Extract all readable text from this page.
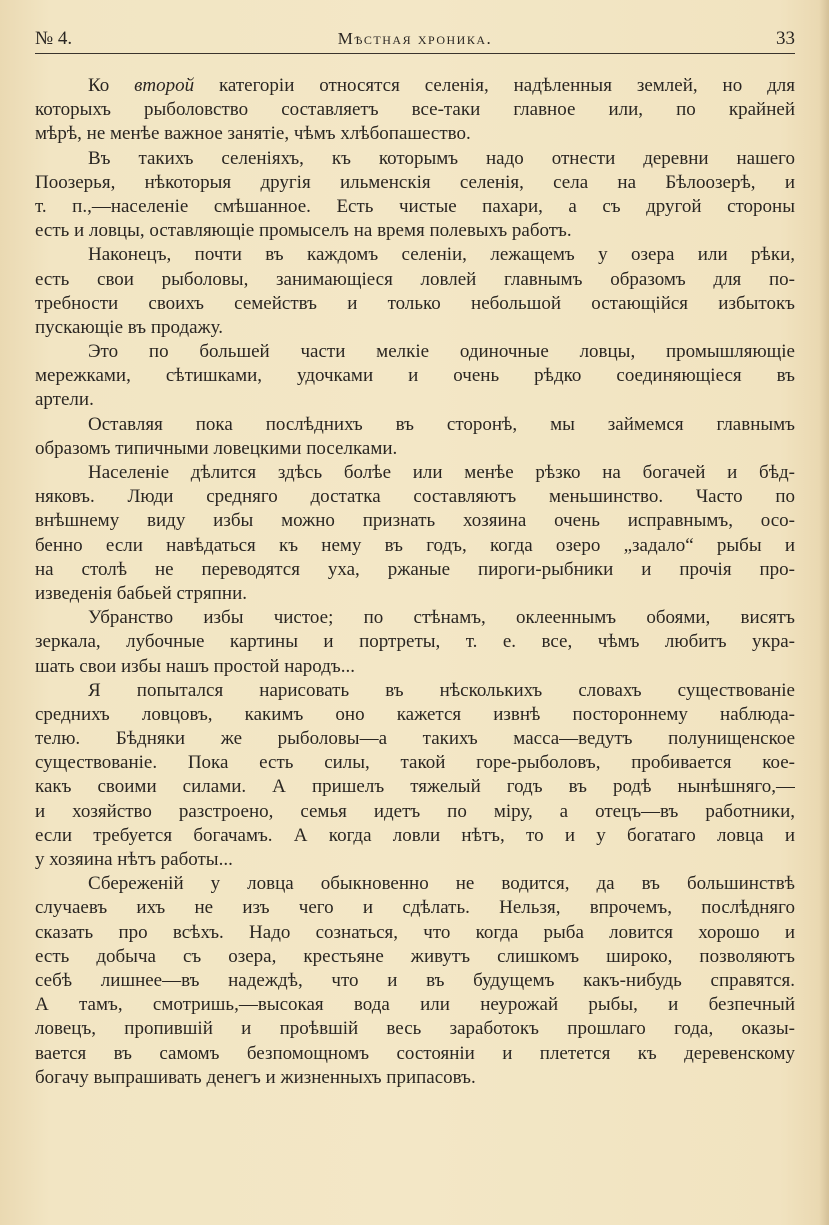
№ 4.	Мѣстная хроника.	33
Ко второй категоріи относятся селенія, надѣленныя землей, но для
которыхъ рыболовство составляетъ все-таки главное или, по крайней
мѣрѣ, не менѣе важное занятіе, чѣмъ хлѣбопашество.
Въ такихъ селеніяхъ, къ которымъ надо отнести деревни нашего
Поозерья, нѣкоторыя другія ильменскія селенія, села на Бѣлоозерѣ, и
т. п.,—населеніе смѣшанное. Есть чистые пахари, а съ другой стороны
есть и ловцы, оставляющіе промыселъ на время полевыхъ работъ.
Наконецъ, почти въ каждомъ селеніи, лежащемъ у озера или рѣки,
есть свои рыболовы, занимающіеся ловлей главнымъ образомъ для по-
требности своихъ семействъ и только небольшой остающійся избытокъ
пускающіе въ продажу.
Это по большей части мелкіе одиночные ловцы, промышляющіе
мережками, сѣтишками, удочками и очень рѣдко соединяющіеся въ
артели.
Оставляя пока послѣднихъ въ сторонѣ, мы займемся главнымъ
образомъ типичными ловецкими поселками.
Населеніе дѣлится здѣсь болѣе или менѣе рѣзко на богачей и бѣд-
няковъ. Люди средняго достатка составляютъ меньшинство. Часто по
внѣшнему виду избы можно признать хозяина очень исправнымъ, осо-
бенно если навѣдаться къ нему въ годъ, когда озеро „задало“ рыбы и
на столѣ не переводятся уха, ржаные пироги-рыбники и прочія про-
изведенія бабьей стряпни.
Убранство избы чистое; по стѣнамъ, оклееннымъ обоями, висятъ
зеркала, лубочные картины и портреты, т. е. все, чѣмъ любитъ укра-
шать свои избы нашъ простой народъ...
Я попытался нарисовать въ нѣсколькихъ словахъ существованіе
среднихъ ловцовъ, какимъ оно кажется извнѣ постороннему наблюда-
телю. Бѣдняки же рыболовы—а такихъ масса—ведутъ полунищенское
существованіе. Пока есть силы, такой горе-рыболовъ, пробивается кое-
какъ своими силами. А пришелъ тяжелый годъ въ родѣ нынѣшняго,—
и хозяйство разстроено, семья идетъ по міру, а отецъ—въ работники,
если требуется богачамъ. А когда ловли нѣтъ, то и у богатаго ловца и
у хозяина нѣтъ работы...
Сбереженій у ловца обыкновенно не водится, да въ большинствѣ
случаевъ ихъ не изъ чего и сдѣлать. Нельзя, впрочемъ, послѣдняго
сказать про всѣхъ. Надо сознаться, что когда рыба ловится хорошо и
есть добыча съ озера, крестьяне живутъ слишкомъ широко, позволяютъ
себѣ лишнее—въ надеждѣ, что и въ будущемъ какъ-нибудь справятся.
А тамъ, смотришь,—высокая вода или неурожай рыбы, и безпечный
ловецъ, пропившій и проѣвшій весь заработокъ прошлаго года, оказы-
вается въ самомъ безпомощномъ состояніи и плетется къ деревенскому
богачу выпрашивать денегъ и жизненныхъ припасовъ.
